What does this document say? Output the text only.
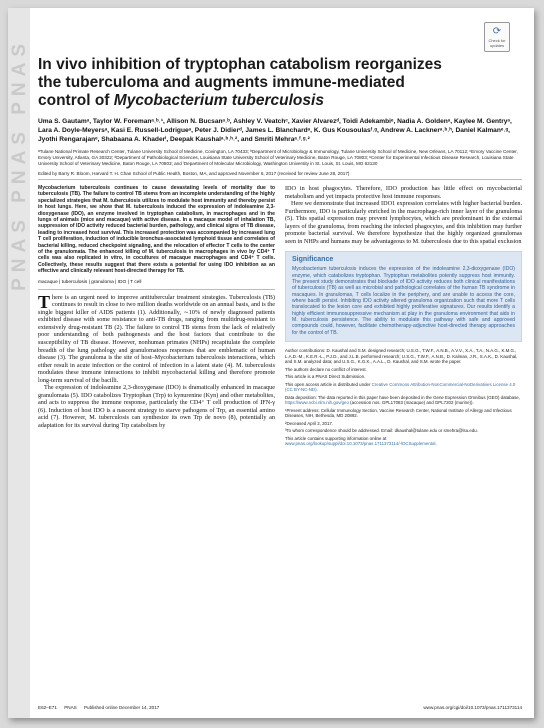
PNAS PNAS PNAS
⟳
Check for
updates
In vivo inhibition of tryptophan catabolism reorganizes
the tuberculoma and augments immune-mediated
control of Mycobacterium tuberculosis
Uma S. Gautamᵃ, Taylor W. Foremanᵃ˒ᵇ˒¹, Allison N. Bucsanᵃ˒ᵇ, Ashley V. Veatchᶜ, Xavier Alvarezᵈ, Toidi Adekambiᵉ, Nadia A. Goldenᵃ, Kaylee M. Gentryᵃ, Lara A. Doyle-Meyersᵃ, Kasi E. Russell-Lodrigueᵃ, Peter J. Didierᵈ, James L. Blanchardᵃ, K. Gus Kousoulasᶠ˒ᵍ, Andrew A. Lacknerᵃ˒ᵇ˒ʰ, Daniel Kalmanᵉ˒ᵍ, Jyothi Rengarajanᵉ, Shabaana A. Khaderⁱ, Deepak Kaushalᵃ˒ᵇ˒ʰ˒², and Smriti Mehraᵃ˒ᶠ˒ᵍ˒²
ᵃTulane National Primate Research Center, Tulane University School of Medicine, Covington, LA 70433; ᵇDepartment of Microbiology & Immunology, Tulane University School of Medicine, New Orleans, LA 70112; ᶜEmory Vaccine Center, Emory University, Atlanta, GA 30322; ᵈDepartment of Pathobiological Sciences, Louisiana State University School of Veterinary Medicine, Baton Rouge, LA 70803; ᵉCenter for Experimental Infectious Disease Research, Louisiana State University School of Veterinary Medicine, Baton Rouge, LA 70803; and ⁱDepartment of Molecular Microbiology, Washington University in St. Louis, St. Louis, MO 63130
Edited by Barry R. Bloom, Harvard T. H. Chan School of Public Health, Boston, MA, and approved November 6, 2017 (received for review June 28, 2017)
Mycobacterium tuberculosis continues to cause devastating levels of mortality due to tuberculosis (TB). The failure to control TB stems from an incomplete understanding of the highly specialized strategies that M. tuberculosis utilizes to modulate host immunity and thereby persist in host lungs. Here, we show that M. tuberculosis induced the expression of indoleamine 2,3-dioxygenase (IDO), an enzyme involved in tryptophan catabolism, in macrophages and in the lungs of animals (mice and macaque) with active disease. In a macaque model of inhalation TB, suppression of IDO activity reduced bacterial burden, pathology, and clinical signs of TB disease, leading to increased host survival. This increased protection was accompanied by increased lung T cell proliferation, induction of inducible bronchus-associated lymphoid tissue and correlates of bacterial killing, reduced checkpoint signaling, and the relocation of effector T cells to the center of the granulomata. The enhanced killing of M. tuberculosis in macrophages in vivo by CD4⁺ T cells was also replicated in vitro, in cocultures of macaque macrophages and CD4⁺ T cells. Collectively, these results suggest that there exists a potential for using IDO inhibition as an effective and clinically relevant host-directed therapy for TB.
macaque | tuberculosis | granuloma | IDO | T cell
There is an urgent need to improve antitubercular treatment strategies. Tuberculosis (TB) continues to result in close to two million deaths worldwide on an annual basis, and is the single biggest killer of AIDS patients (1). Additionally, ∼10% of newly diagnosed patients exhibited disease with some resistance to anti-TB drugs, ranging from multidrug-resistant to extensively drug-resistant TB (2). The failure to control TB stems from the lack of relatively poor understanding of both pathogenesis and the host factors that contribute to the susceptibility of TB disease. However, nonhuman primates (NHPs) recapitulate the complete breadth of the lung pathology and granulomatous responses that are emblematic of human disease (3). The granuloma is the site of host–Mycobacterium tuberculosis interactions, which either result in acute infection or the control of infection in a latent state (4). M. tuberculosis modulates these immune interactions to inhibit mycobacterial killing and therefore promote long-term survival of the bacilli.

The expression of indoleamine 2,3-dioxygenase (IDO) is dramatically enhanced in macaque granulomata (5). IDO catabolizes Tryptophan (Trp) to kynurenine (Kyn) and other metabolites, and acts to suppress the immune response, particularly the CD4⁺ T cell production of IFN-γ (6). Induction of host IDO is a nascent strategy to starve pathogens of Trp, an essential amino acid (7). However, M. tuberculosis can synthesize its own Trp de novo (8), potentially an adaptation for its survival during Trp catabolism by

IDO in host phagocytes. Therefore, IDO production has little effect on mycobacterial metabolism and yet impacts protective host immune responses.

Here we demonstrate that increased IDO1 expression correlates with higher bacterial burden. Furthermore, IDO is particularly enriched in the macrophage-rich inner layer of the granuloma (5). This spatial expression may prevent lymphocytes, which are predominant in the external layers of the granuloma, from reaching the infected phagocytes, and this inhibition may further promote bacterial survival. We therefore hypothesize that the highly organized granulomas seen in NHPs and humans may be advantageous to M. tuberculosis due to this spatial exclusion

Significance
Mycobacterium tuberculosis induces the expression of the indoleamine 2,3-dioxygenase (IDO) enzyme, which catabolizes tryptophan. Tryptophan metabolites potently suppress host immunity. The present study demonstrates that blockade of IDO activity reduces both clinical manifestations of tuberculosis (TB) as well as microbial and pathological correlates of the human TB syndrome in macaques. In granulomas, T cells localize in the periphery, and are unable to access the core, where bacilli persist. Inhibiting IDO activity altered granuloma organization such that more T cells translocated to the lesion core and exhibited highly proliferative signatures. Our results identify a highly efficient immunosuppressive mechanism at play in the granuloma environment that aids in M. tuberculosis persistence. The ability to modulate this pathway with safe and approved compounds could, however, facilitate chemotherapy-adjunctive host-directed therapy approaches for the control of TB.
Author contributions: D. Kaushal and S.M. designed research; U.S.G., T.W.F., A.N.B., A.V.V., X.A., T.A., N.A.G., K.M.G., L.A.D.-M., K.E.R.-L., P.J.D., and J.L.B. performed research; U.S.G., T.W.F., A.N.B., D. Kalman, J.R., S.A.K., D. Kaushal, and S.M. analyzed data; and U.S.G., K.G.K., A.A.L., D. Kaushal, and S.M. wrote the paper.
The authors declare no conflict of interest.
This article is a PNAS Direct Submission.
This open access article is distributed under Creative Commons Attribution-NonCommercial-NoDerivatives License 4.0 (CC BY-NC-ND).
Data deposition: The data reported in this paper have been deposited in the Gene Expression Omnibus (GEO) database, https://www.ncbi.nlm.nih.gov/geo (accession nos. GPL17083 (macaque) and GPL7202 (murine)).
¹Present address: Cellular Immunology Section, Vaccine Research Center, National Institute of Allergy and Infectious Diseases, NIH, Bethesda, MD 20892.
²Deceased April 2, 2017.
³To whom correspondence should be addressed. Email: dkaushal@tulane.edu or smehra@lsu.edu.
This article contains supporting information online at www.pnas.org/lookup/suppl/doi:10.1073/pnas.1711373114/-/DCSupplemental.
E62–E71 PNAS Published online December 14, 2017	www.pnas.org/cgi/doi/10.1073/pnas.1711373114
